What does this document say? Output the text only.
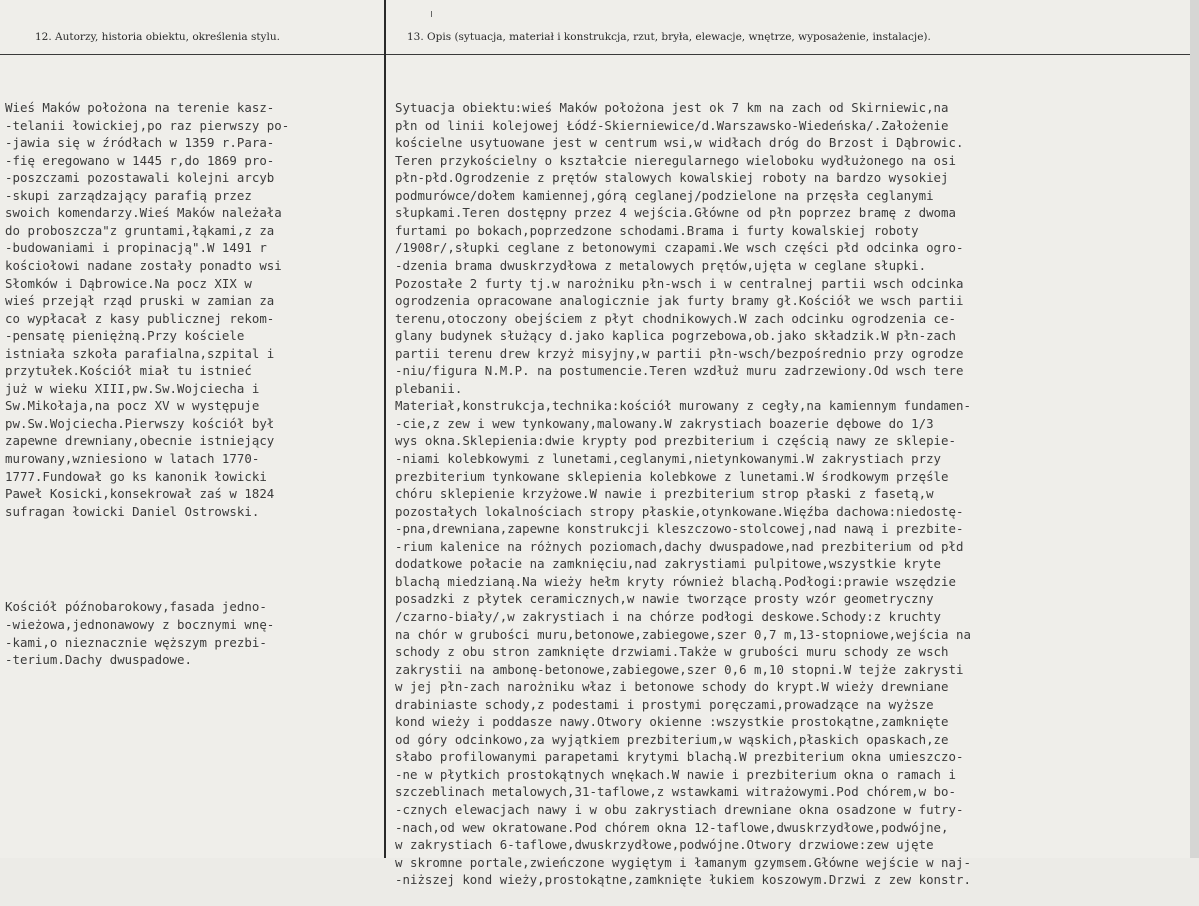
12. Autorzy, historia obiektu, określenia stylu.	13. Opis (sytuacja, materiał i konstrukcja, rzut, bryła, elewacje, wnętrze, wyposażenie, instalacje).

Wieś Maków położona na terenie kasz-
-telanii łowickiej,po raz pierwszy po-
-jawia się w źródłach w 1359 r.Para-
-fię eregowano w 1445 r,do 1869 pro-
-poszczami pozostawali kolejni arcyb
-skupi zarządzający parafią przez
swoich komendarzy.Wieś Maków należała
do proboszcza"z gruntami,łąkami,z za
-budowaniami i propinacją".W 1491 r
kościołowi nadane zostały ponadto wsi
Słomków i Dąbrowice.Na pocz XIX w
wieś przejął rząd pruski w zamian za
co wypłacał z kasy publicznej rekom-
-pensatę pieniężną.Przy kościele
istniała szkoła parafialna,szpital i
przytułek.Kościół miał tu istnieć
już w wieku XIII,pw.Sw.Wojciecha i
Sw.Mikołaja,na pocz XV w występuje
pw.Sw.Wojciecha.Pierwszy kościół był
zapewne drewniany,obecnie istniejący
murowany,wzniesiono w latach 1770-
1777.Fundował go ks kanonik łowicki
Paweł Kosicki,konsekrował zaś w 1824
sufragan łowicki Daniel Ostrowski.

Kościół późnobarokowy,fasada jedno-
-wieżowa,jednonawowy z bocznymi wnę-
-kami,o nieznacznie węższym prezbi-
-terium.Dachy dwuspadowe.

Sytuacja obiektu:wieś Maków położona jest ok 7 km na zach od Skirniewic,na
płn od linii kolejowej Łódź-Skierniewice/d.Warszawsko-Wiedeńska/.Założenie
kościelne usytuowane jest w centrum wsi,w widłach dróg do Brzost i Dąbrowic.
Teren przykościelny o kształcie nieregularnego wieloboku wydłużonego na osi
płn-płd.Ogrodzenie z prętów stalowych kowalskiej roboty na bardzo wysokiej
podmurówce/dołem kamiennej,górą ceglanej/podzielone na przęsła ceglanymi
słupkami.Teren dostępny przez 4 wejścia.Główne od płn poprzez bramę z dwoma
furtami po bokach,poprzedzone schodami.Brama i furty kowalskiej roboty
/1908r/,słupki ceglane z betonowymi czapami.We wsch części płd odcinka ogro-
-dzenia brama dwuskrzydłowa z metalowych prętów,ujęta w ceglane słupki.
Pozostałe 2 furty tj.w narożniku płn-wsch i w centralnej partii wsch odcinka
ogrodzenia opracowane analogicznie jak furty bramy gł.Kościół we wsch partii
terenu,otoczony obejściem z płyt chodnikowych.W zach odcinku ogrodzenia ce-
glany budynek służący d.jako kaplica pogrzebowa,ob.jako składzik.W płn-zach
partii terenu drew krzyż misyjny,w partii płn-wsch/bezpośrednio przy ogrodze
-niu/figura N.M.P. na postumencie.Teren wzdłuż muru zadrzewiony.Od wsch tere
plebanii.
Materiał,konstrukcja,technika:kościół murowany z cegły,na kamiennym fundamen-
-cie,z zew i wew tynkowany,malowany.W zakrystiach boazerie dębowe do 1/3
wys okna.Sklepienia:dwie krypty pod prezbiterium i częścią nawy ze sklepie-
-niami kolebkowymi z lunetami,ceglanymi,nietynkowanymi.W zakrystiach przy
prezbiterium tynkowane sklepienia kolebkowe z lunetami.W środkowym przęśle
chóru sklepienie krzyżowe.W nawie i prezbiterium strop płaski z fasetą,w
pozostałych lokalnościach stropy płaskie,otynkowane.Więźba dachowa:niedostę-
-pna,drewniana,zapewne konstrukcji kleszczowo-stolcowej,nad nawą i prezbite-
-rium kalenice na różnych poziomach,dachy dwuspadowe,nad prezbiterium od płd
dodatkowe połacie na zamknięciu,nad zakrystiami pulpitowe,wszystkie kryte
blachą miedzianą.Na wieży hełm kryty również blachą.Podłogi:prawie wszędzie
posadzki z płytek ceramicznych,w nawie tworzące prosty wzór geometryczny
/czarno-biały/,w zakrystiach i na chórze podłogi deskowe.Schody:z kruchty
na chór w grubości muru,betonowe,zabiegowe,szer 0,7 m,13-stopniowe,wejścia na
schody z obu stron zamknięte drzwiami.Także w grubości muru schody ze wsch
zakrystii na ambonę-betonowe,zabiegowe,szer 0,6 m,10 stopni.W tejże zakrysti
w jej płn-zach narożniku właz i betonowe schody do krypt.W wieży drewniane
drabiniaste schody,z podestami i prostymi poręczami,prowadzące na wyższe
kond wieży i poddasze nawy.Otwory okienne :wszystkie prostokątne,zamknięte
od góry odcinkowo,za wyjątkiem prezbiterium,w wąskich,płaskich opaskach,ze
słabo profilowanymi parapetami krytymi blachą.W prezbiterium okna umieszczo-
-ne w płytkich prostokątnych wnękach.W nawie i prezbiterium okna o ramach i
szczeblinach metalowych,31-taflowe,z wstawkami witrażowymi.Pod chórem,w bo-
-cznych elewacjach nawy i w obu zakrystiach drewniane okna osadzone w futry-
-nach,od wew okratowane.Pod chórem okna 12-taflowe,dwuskrzydłowe,podwójne,
w zakrystiach 6-taflowe,dwuskrzydłowe,podwójne.Otwory drzwiowe:zew ujęte
w skromne portale,zwieńczone wygiętym i łamanym gzymsem.Główne wejście w naj-
-niższej kond wieży,prostokątne,zamknięte łukiem koszowym.Drzwi z zew konstr.
